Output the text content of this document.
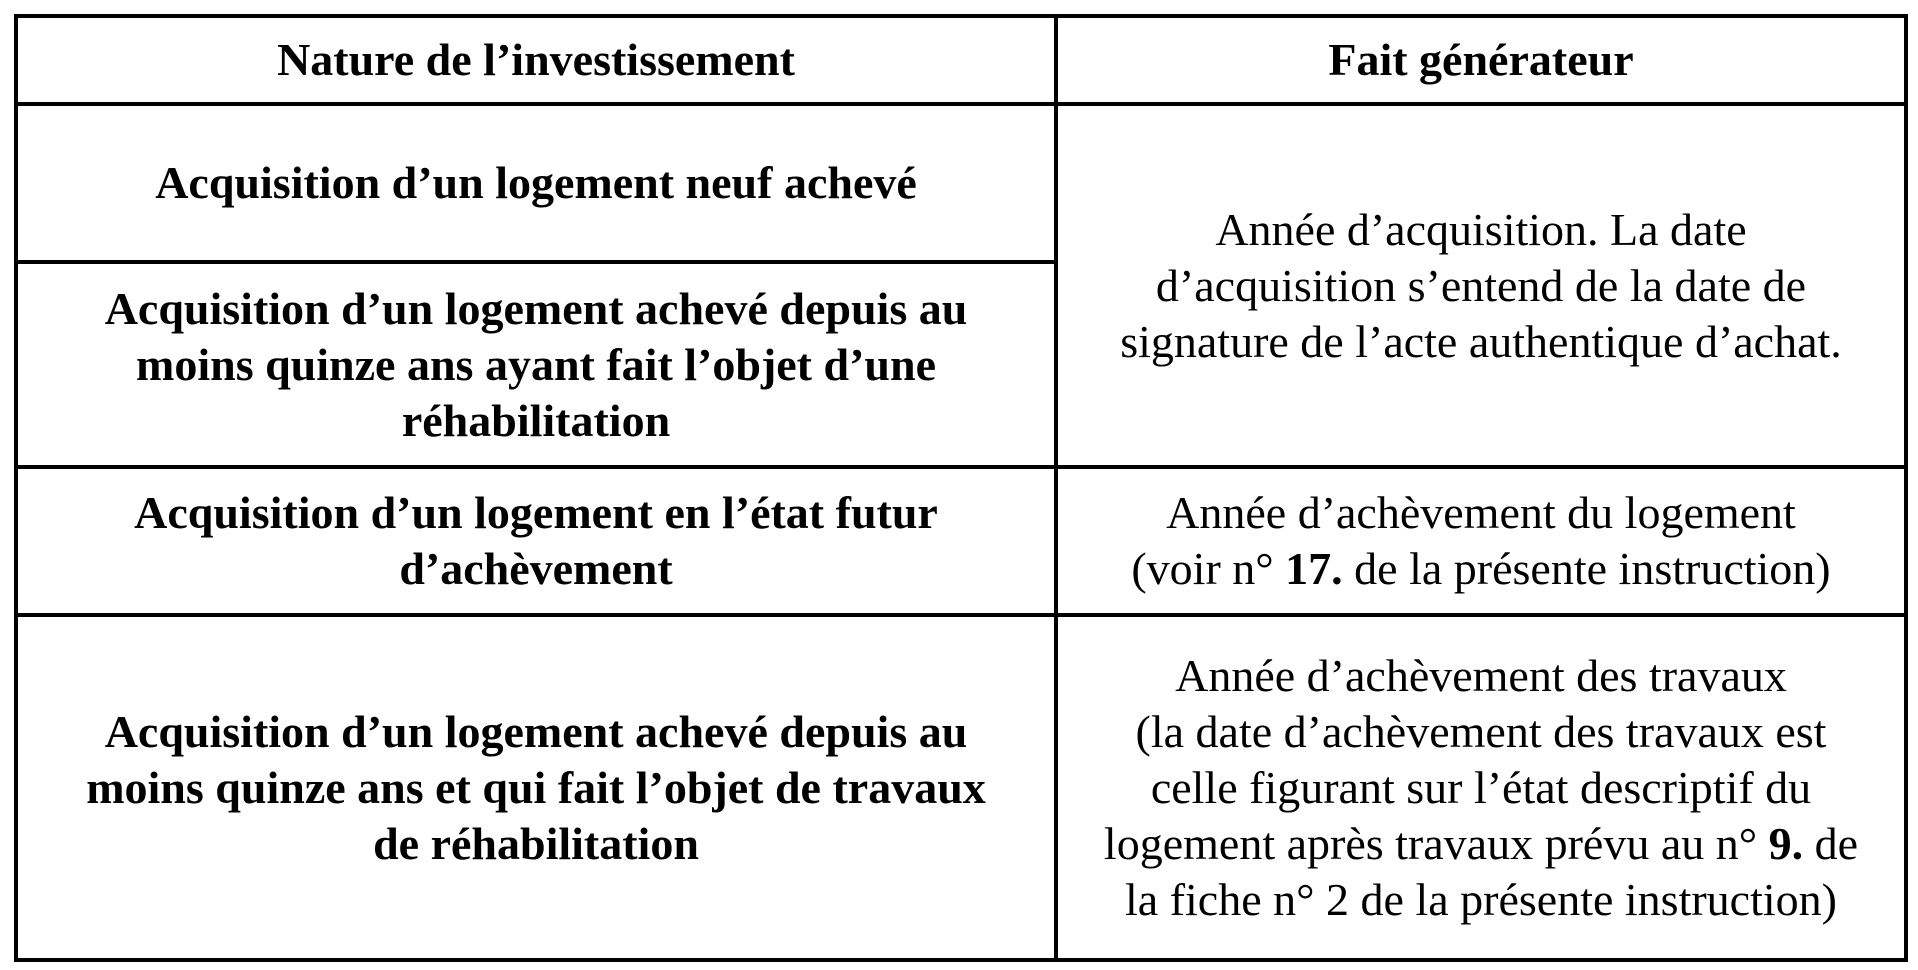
Nature de l’investissement	Fait générateur

Acquisition d’un logement neuf achevé	Année d’acquisition. La date
d’acquisition s’entend de la date de
signature de l’acte authentique d’achat.

Acquisition d’un logement achevé depuis au
moins quinze ans ayant fait l’objet d’une
réhabilitation	

Acquisition d’un logement en l’état futur
d’achèvement	Année d’achèvement du logement
(voir n° 17. de la présente instruction)

Acquisition d’un logement achevé depuis au
moins quinze ans et qui fait l’objet de travaux
de réhabilitation	Année d’achèvement des travaux
(la date d’achèvement des travaux est
celle figurant sur l’état descriptif du
logement après travaux prévu au n° 9. de
la fiche n° 2 de la présente instruction)
